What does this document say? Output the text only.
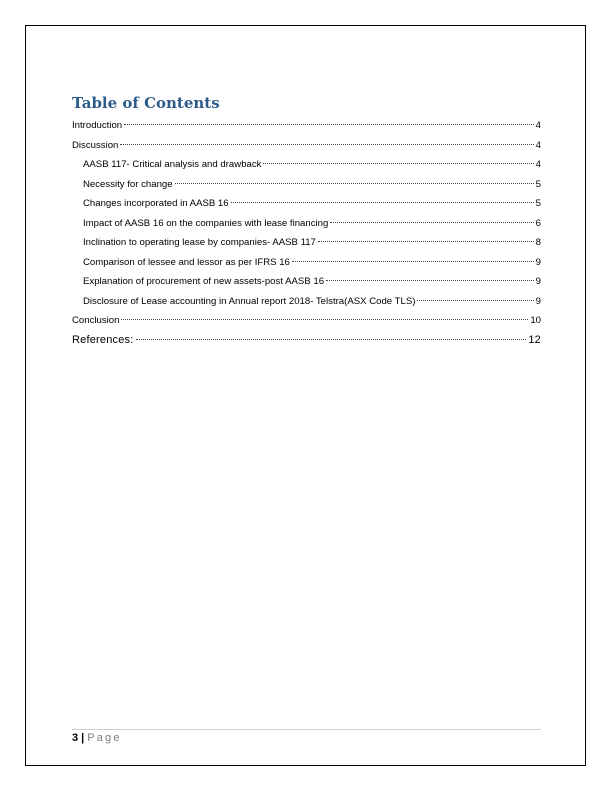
Table of Contents
Introduction	4
Discussion	4
AASB 117- Critical analysis and drawback	4
Necessity for change	5
Changes incorporated in AASB 16	5
Impact of AASB 16 on the companies with lease financing	6
Inclination to operating lease by companies- AASB 117	8
Comparison of lessee and lessor as per IFRS 16	9
Explanation of procurement of new assets-post AASB 16	9
Disclosure of Lease accounting in Annual report 2018- Telstra(ASX Code TLS)	9
Conclusion	10
References:	12
3 | Page
